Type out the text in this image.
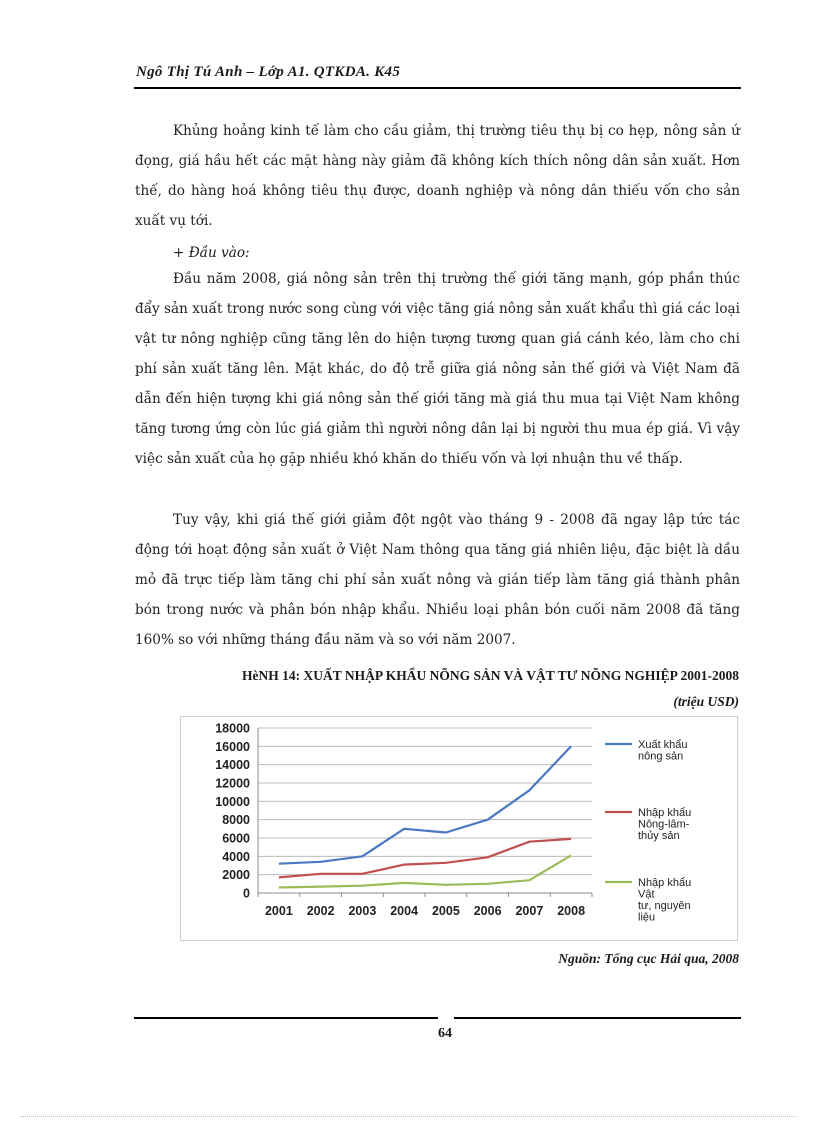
Ngô Thị Tú Anh – Lớp A1. QTKDA. K45

Khủng hoảng kinh tế làm cho cầu giảm, thị trường tiêu thụ bị co hẹp, nông sản ứ đọng, giá hầu hết các mặt hàng này giảm đã không kích thích nông dân sản xuất. Hơn thế, do hàng hoá không tiêu thụ được, doanh nghiệp và nông dân thiếu vốn cho sản xuất vụ tới.

+ Đầu vào:

Đầu năm 2008, giá nông sản trên thị trường thế giới tăng mạnh, góp phần thúc đẩy sản xuất trong nước song cùng với việc tăng giá nông sản xuất khẩu thì giá các loại vật tư nông nghiệp cũng tăng lên do hiện tượng tương quan giá cánh kéo, làm cho chi phí sản xuất tăng lên. Mặt khác, do độ trễ giữa giá nông sản thế giới và Việt Nam đã dẫn đến hiện tượng khi giá nông sản thế giới tăng mà giá thu mua tại Việt Nam không tăng tương ứng còn lúc giá giảm thì người nông dân lại bị người thu mua ép giá. Vì vậy việc sản xuất của họ gặp nhiều khó khăn do thiếu vốn và lợi nhuận thu về thấp.

Tuy vậy, khi giá thế giới giảm đột ngột vào tháng 9 - 2008 đã ngay lập tức tác động tới hoạt động sản xuất ở Việt Nam thông qua tăng giá nhiên liệu, đặc biệt là dầu mỏ đã trực tiếp làm tăng chi phí sản xuất nông và gián tiếp làm tăng giá thành phân bón trong nước và phân bón nhập khẩu. Nhiều loại phân bón cuối năm 2008 đã tăng 160% so với những tháng đầu năm và so với năm 2007.

HèNH 14: XUẤT NHẬP KHẨU NÕNG SẢN VÀ VẬT TƯ NÕNG NGHIỆP 2001-2008
(triệu USD)
0
2000
4000
6000
8000
10000
12000
14000
16000
18000
2001 2002 2003 2004 2005 2006 2007 2008
Xuất khẩu
nông sản
Nhập khẩu
Nông-lâm-
thủy sản
Nhập khẩu
Vật
tư, nguyên
liệu
Nguồn: Tổng cục Hải qua, 2008
64
